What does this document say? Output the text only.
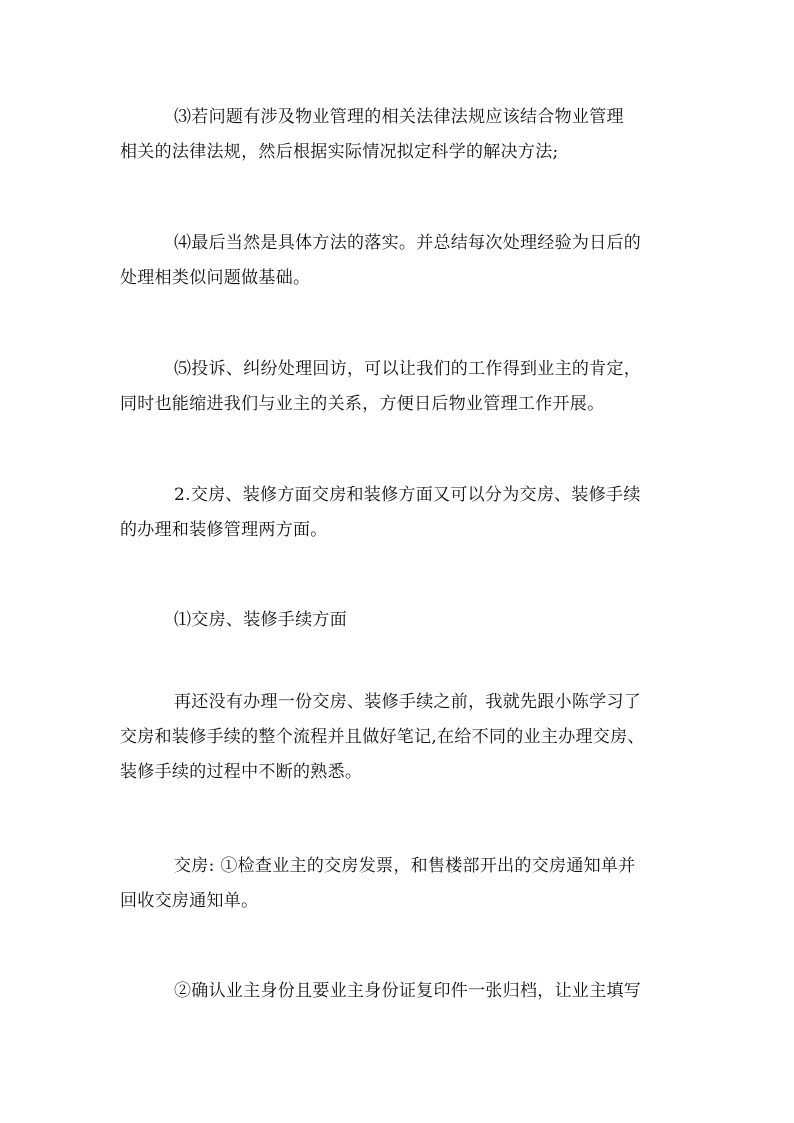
⑶若问题有涉及物业管理的相关法律法规应该结合物业管理
相关的法律法规，然后根据实际情况拟定科学的解决方法;
⑷最后当然是具体方法的落实。并总结每次处理经验为日后的
处理相类似问题做基础。
⑸投诉、纠纷处理回访，可以让我们的工作得到业主的肯定，
同时也能缩进我们与业主的关系，方便日后物业管理工作开展。
2.交房、装修方面交房和装修方面又可以分为交房、装修手续
的办理和装修管理两方面。
⑴交房、装修手续方面
再还没有办理一份交房、装修手续之前，我就先跟小陈学习了
交房和装修手续的整个流程并且做好笔记,在给不同的业主办理交房、
装修手续的过程中不断的熟悉。
交房: ①检查业主的交房发票，和售楼部开出的交房通知单并
回收交房通知单。
②确认业主身份且要业主身份证复印件一张归档，让业主填写
